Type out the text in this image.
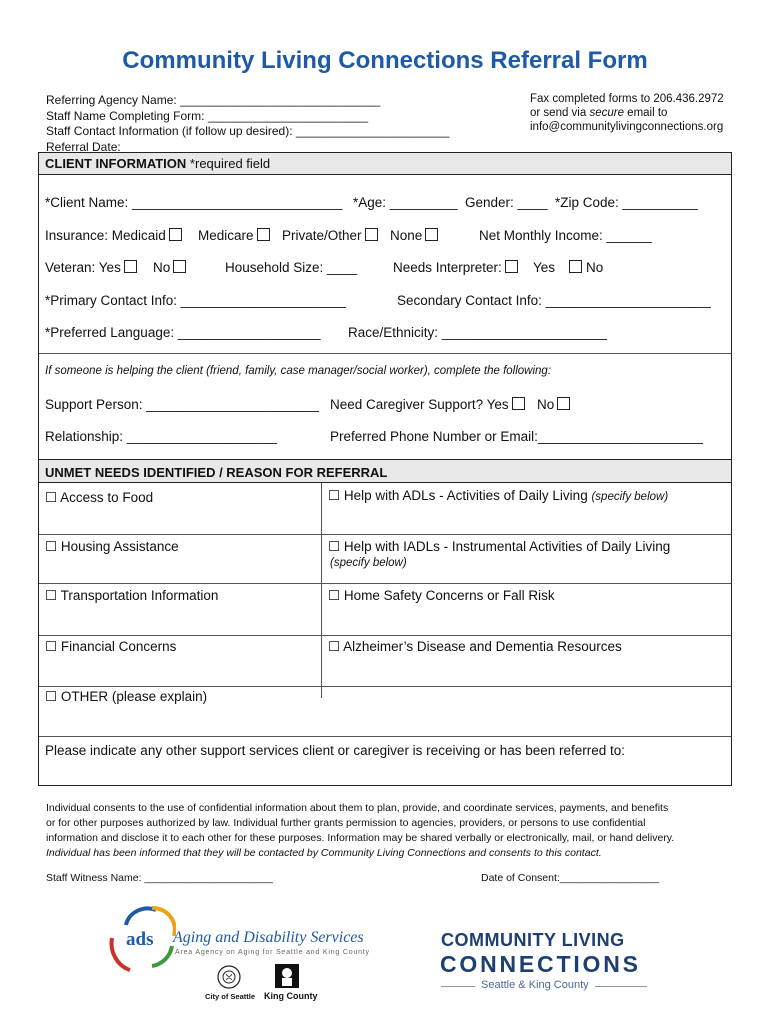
Community Living Connections Referral Form
Referring Agency Name: ______________________________
Staff Name Completing Form: ________________________
Staff Contact Information (if follow up desired): _______________________
Referral Date: ______________________________
Fax completed forms to 206.436.2972
or send via secure email to
info@communitylivingconnections.org
CLIENT INFORMATION *required field
*Client Name: ____________________________ *Age: _________ Gender: ____ *Zip Code: __________
Insurance: Medicaid	Medicare	Private/Other	None	Net Monthly Income: ______
Veteran: Yes	No	Household Size: ____	Needs Interpreter:	Yes	No
*Primary Contact Info: ______________________	Secondary Contact Info: ______________________
*Preferred Language: ___________________ Race/Ethnicity: ______________________
If someone is helping the client (friend, family, case manager/social worker), complete the following:
Support Person: _______________________ Need Caregiver Support? Yes	No
Relationship: ____________________	Preferred Phone Number or Email:______________________
UNMET NEEDS IDENTIFIED / REASON FOR REFERRAL
☐ Access to Food	☐ Help with ADLs - Activities of Daily Living (specify below)
☐ Housing Assistance	☐ Help with IADLs - Instrumental Activities of Daily Living
(specify below)
☐ Transportation Information	☐ Home Safety Concerns or Fall Risk
☐ Financial Concerns	☐ Alzheimer’s Disease and Dementia Resources
☐ OTHER (please explain)
Please indicate any other support services client or caregiver is receiving or has been referred to:
Individual consents to the use of confidential information about them to plan, provide, and coordinate services, payments, and benefits
or for other purposes authorized by law. Individual further grants permission to agencies, providers, or persons to use confidential
information and disclose it to each other for these purposes. Information may be shared verbally or electronically, mail, or hand delivery.
Individual has been informed that they will be contacted by Community Living Connections and consents to this contact.
Staff Witness Name: ______________________	Date of Consent:_________________
ads Aging and Disability Services
Area Agency on Aging for Seattle and King County
City of Seattle King County
COMMUNITY LIVING
CONNECTIONS
Seattle & King County
